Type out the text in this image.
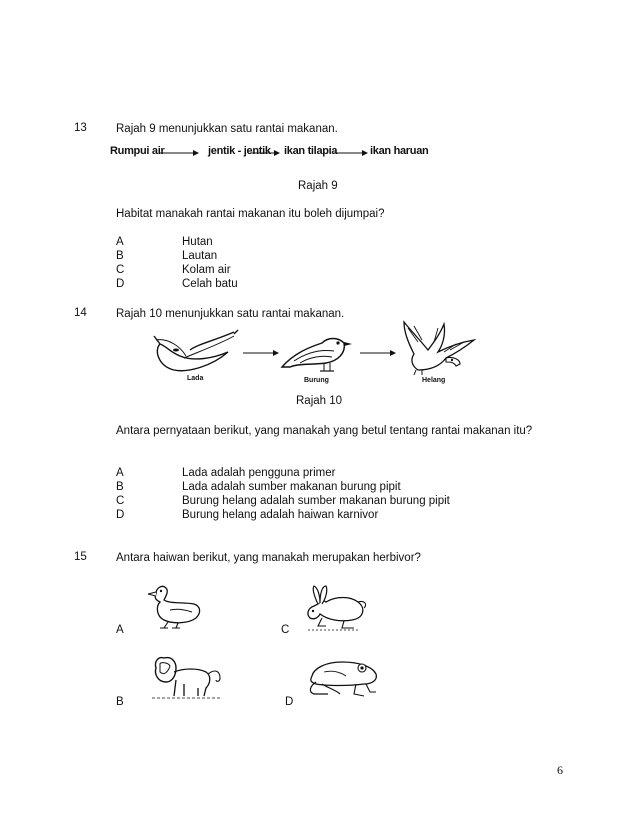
13	Rajah 9 menunjukkan satu rantai makanan.
Rumpui air	jentik - jentik ikan tilapia	ikan haruan
Rajah 9
Habitat manakah rantai makanan itu boleh dijumpai?
A	Hutan
B	Lautan
C	Kolam air
D	Celah batu
14	Rajah 10 menunjukkan satu rantai makanan.
Lada	Burung	Helang
Rajah 10
Antara pernyataan berikut, yang manakah yang betul tentang rantai makanan itu?
A	Lada adalah pengguna primer
B	Lada adalah sumber makanan burung pipit
C	Burung helang adalah sumber makanan burung pipit
D	Burung helang adalah haiwan karnivor
15	Antara haiwan berikut, yang manakah merupakan herbivor?
A	C
B	D
6
